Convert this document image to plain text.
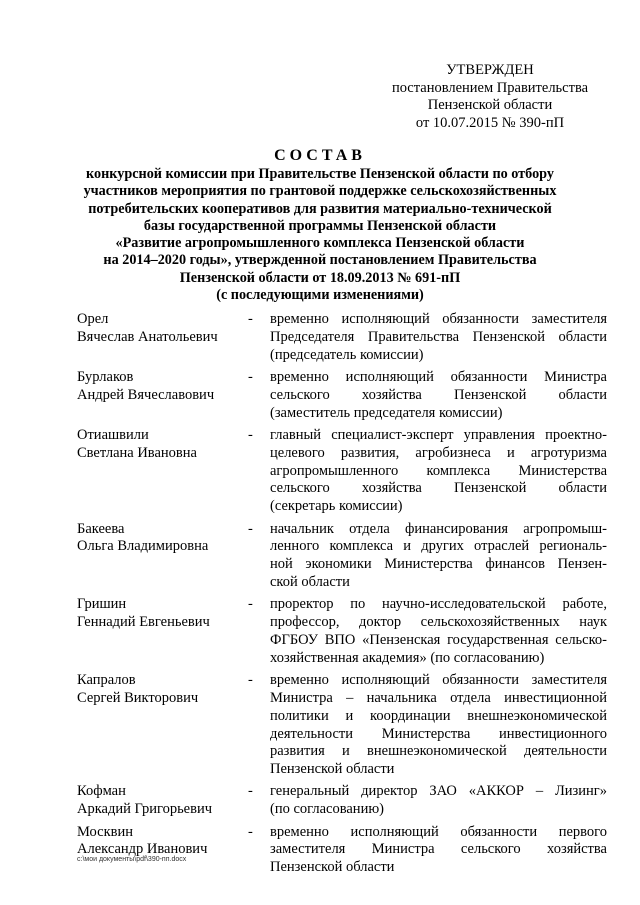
УТВЕРЖДЕН
постановлением Правительства
Пензенской области
от 10.07.2015 № 390-пП
СОСТАВ
конкурсной комиссии при Правительстве Пензенской области по отбору
участников мероприятия по грантовой поддержке сельскохозяйственных
потребительских кооперативов для развития материально-технической
базы государственной программы Пензенской области
«Развитие агропромышленного комплекса Пензенской области
на 2014–2020 годы», утвержденной постановлением Правительства
Пензенской области от 18.09.2013 № 691-пП
(с последующими изменениями)
Орел
Вячеслав Анатольевич
-	временно исполняющий обязанности заместителя
Председателя Правительства Пензенской области
(председатель комиссии)
Бурлаков
Андрей Вячеславович
-	временно исполняющий обязанности Министра
сельского хозяйства Пензенской области
(заместитель председателя комиссии)
Отиашвили
Светлана Ивановна
-	главный специалист-эксперт управления проектно-
целевого развития, агробизнеса и агротуризма
агропромышленного комплекса Министерства
сельского хозяйства Пензенской области
(секретарь комиссии)
Бакеева
Ольга Владимировна
-	начальник отдела финансирования агропромыш-
ленного комплекса и других отраслей региональ-
ной экономики Министерства финансов Пензен-
ской области
Гришин
Геннадий Евгеньевич
-	проректор по научно-исследовательской работе,
профессор, доктор сельскохозяйственных наук
ФГБОУ ВПО «Пензенская государственная сельско-
хозяйственная академия» (по согласованию)
Капралов
Сергей Викторович
-	временно исполняющий обязанности заместителя
Министра – начальника отдела инвестиционной
политики и координации внешнеэкономической
деятельности Министерства инвестиционного
развития и внешнеэкономической деятельности
Пензенской области
Кофман
Аркадий Григорьевич
-	генеральный директор ЗАО «АККОР – Лизинг»
(по согласованию)
Москвин
Александр Иванович
-	временно исполняющий обязанности первого
заместителя Министра сельского хозяйства
Пензенской области
c:\мои документы\pdf\390-пп.docx
